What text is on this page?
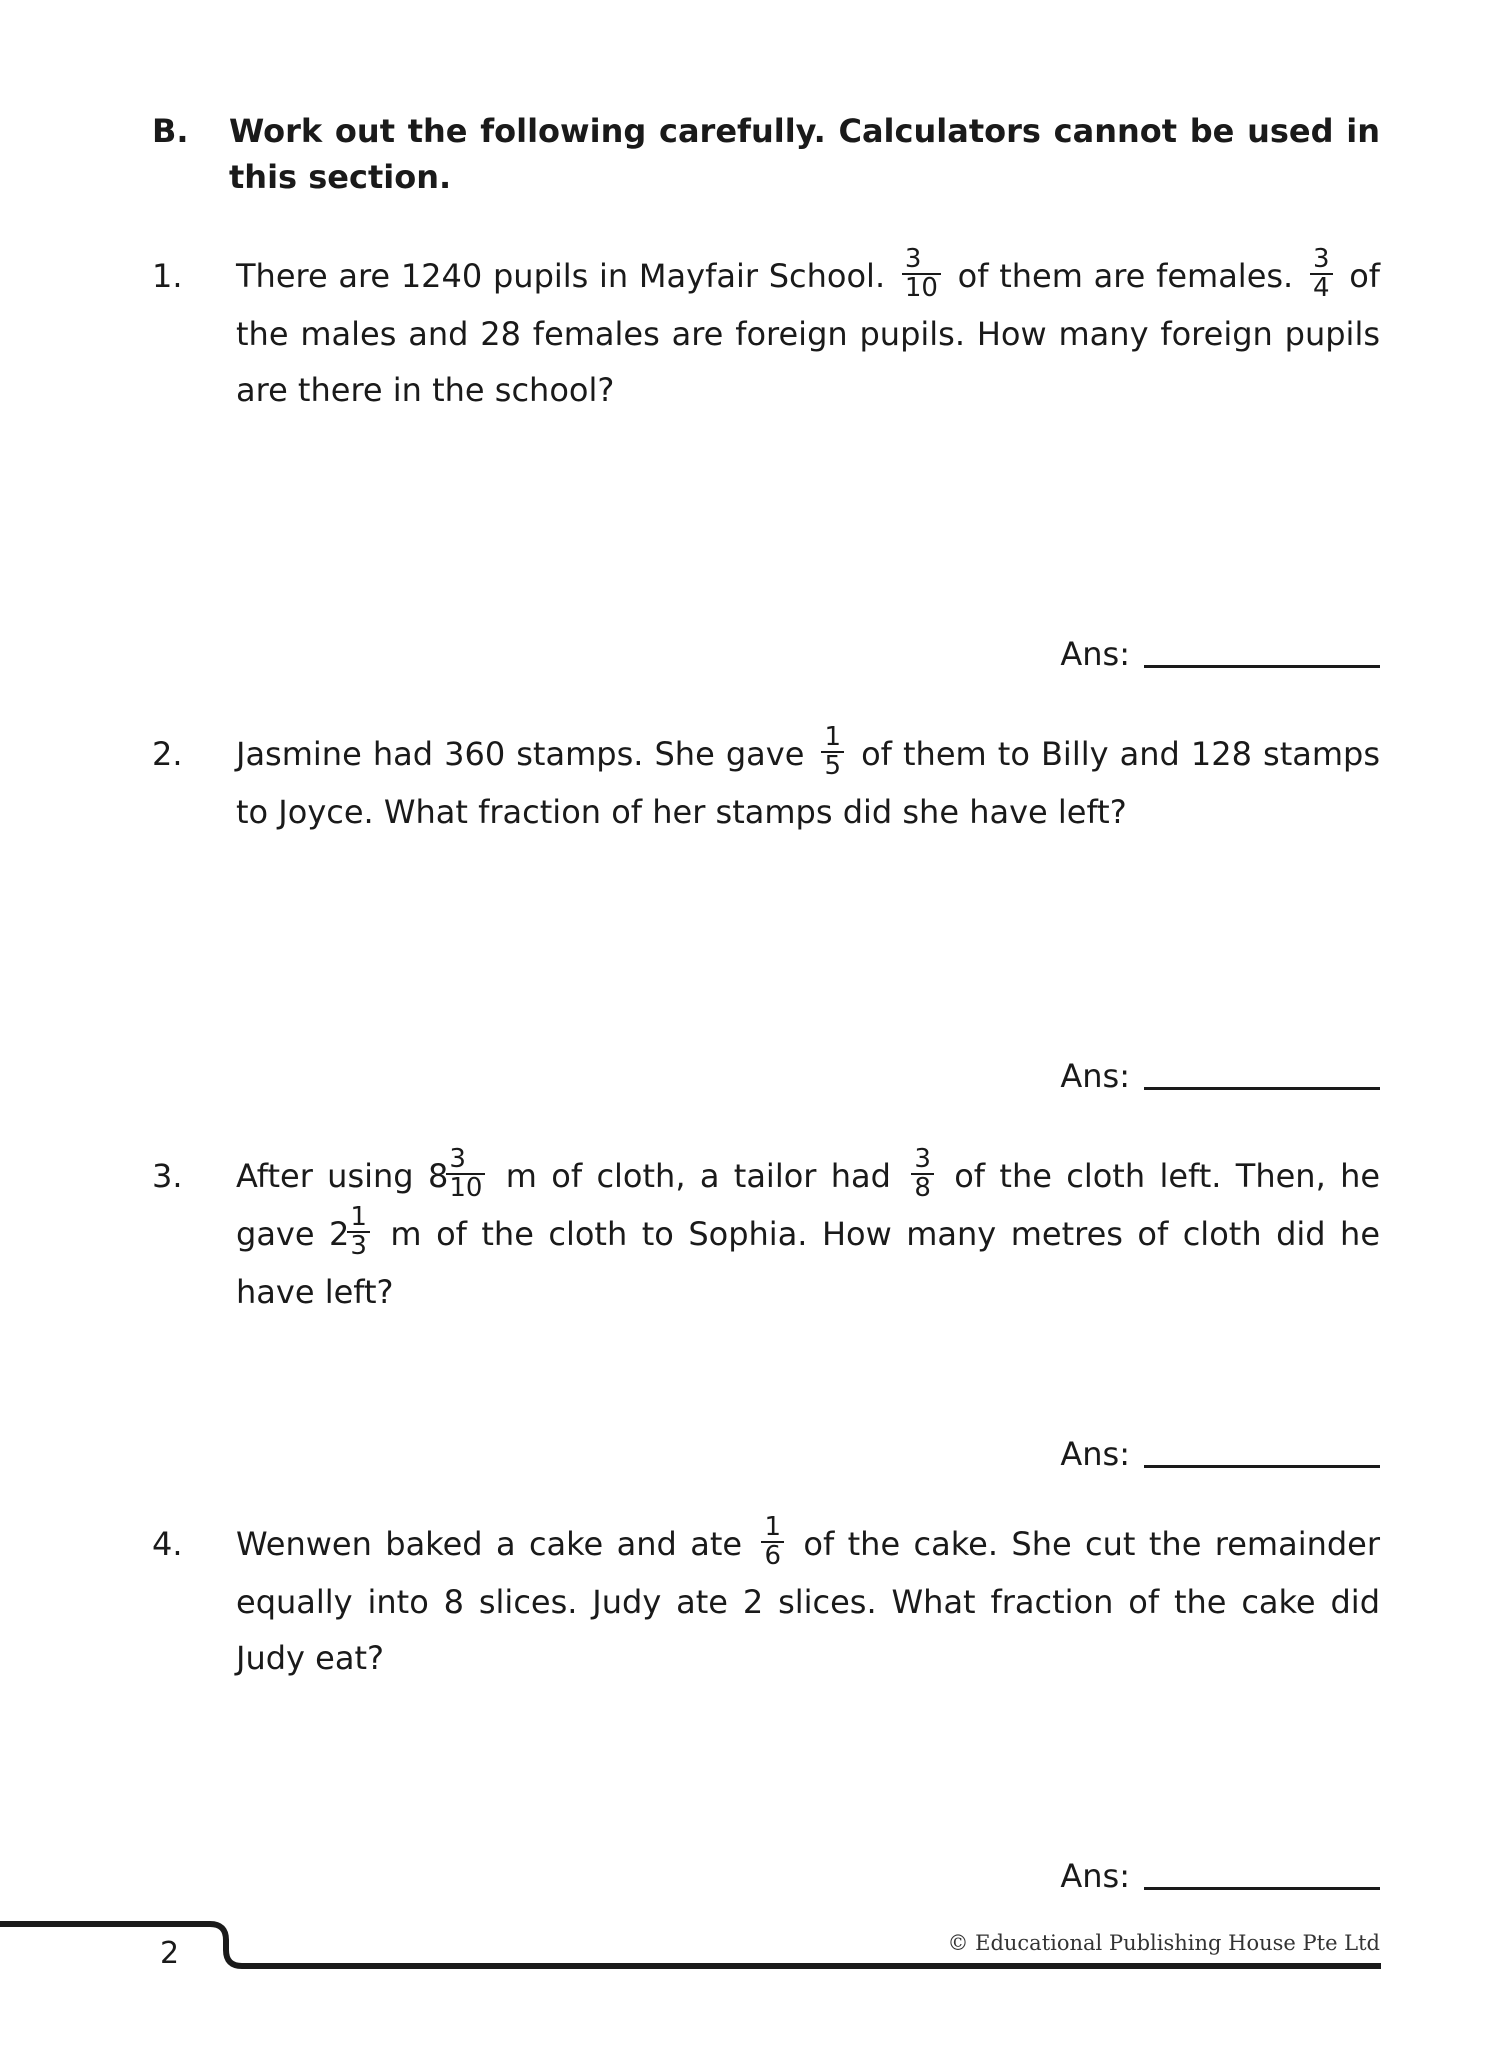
B. Work out the following carefully. Calculators cannot be used in this section.
1. There are 1240 pupils in Mayfair School. $\frac{3}{10}$ of them are females. $\frac{3}{4}$ of the males and 28 females are foreign pupils. How many foreign pupils are there in the school?
Ans:
2. Jasmine had 360 stamps. She gave $\frac{1}{5}$ of them to Billy and 128 stamps to Joyce. What fraction of her stamps did she have left?
Ans:
3. After using 8
$\frac{3}{10}$ m of cloth, a tailor had $\frac{3}{8}$ of the cloth left. Then, he gave 2
$\frac{1}{3}$ m of the cloth to Sophia. How many metres of cloth did he have left?
Ans:
4. Wenwen baked a cake and ate $\frac{1}{6}$ of the cake. She cut the remainder equally into 8 slices. Judy ate 2 slices. What fraction of the cake did Judy eat?
Ans:
2	© Educational Publishing House Pte Ltd
